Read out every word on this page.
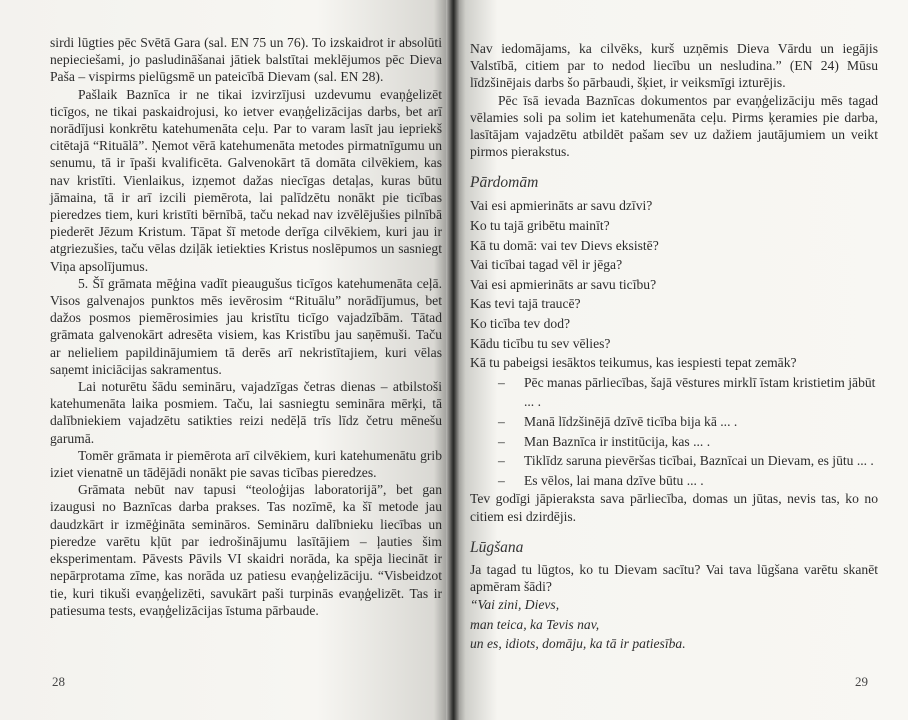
sirdi lūgties pēc Svētā Gara (sal. EN 75 un 76). To izskaidrot ir absolūti nepieciešami, jo pasludināšanai jātiek balstītai meklējumos pēc Dieva Paša – vispirms pielūgsmē un pateicībā Dievam (sal. EN 28).

Pašlaik Baznīca ir ne tikai izvirzījusi uzdevumu evaņģelizēt ticīgos, ne tikai paskaidrojusi, ko ietver evaņģelizācijas darbs, bet arī norādījusi konkrētu katehumenāta ceļu. Par to varam lasīt jau iepriekš citētajā “Rituālā”. Ņemot vērā katehumenāta metodes pirmatnīgumu un senumu, tā ir īpaši kvalificēta. Galvenokārt tā domāta cilvēkiem, kas nav kristīti. Vienlaikus, izņemot dažas niecīgas detaļas, kuras būtu jāmaina, tā ir arī izcili piemērota, lai palīdzētu nonākt pie ticības pieredzes tiem, kuri kristīti bērnībā, taču nekad nav izvēlējušies pilnībā piederēt Jēzum Kristum. Tāpat šī metode derīga cilvēkiem, kuri jau ir atgriezušies, taču vēlas dziļāk ietiekties Kristus noslēpumos un sasniegt Viņa apsolījumus.

5. Šī grāmata mēģina vadīt pieaugušus ticīgos katehumenāta ceļā. Visos galvenajos punktos mēs ievērosim “Rituālu” norādījumus, bet dažos posmos piemērosimies jau kristītu ticīgo vajadzībām. Tātad grāmata galvenokārt adresēta visiem, kas Kristību jau saņēmuši. Taču ar nelieliem papildinājumiem tā derēs arī nekristītajiem, kuri vēlas saņemt iniciācijas sakramentus.

Lai noturētu šādu semināru, vajadzīgas četras dienas – atbilstoši katehumenāta laika posmiem. Taču, lai sasniegtu semināra mērķi, tā dalībniekiem vajadzētu satikties reizi nedēļā trīs līdz četru mēnešu garumā.

Tomēr grāmata ir piemērota arī cilvēkiem, kuri katehumenātu grib iziet vienatnē un tādējādi nonākt pie savas ticības pieredzes.

Grāmata nebūt nav tapusi “teoloģijas laboratorijā”, bet gan izaugusi no Baznīcas darba prakses. Tas nozīmē, ka šī metode jau daudzkārt ir izmēģināta semināros. Semināru dalībnieku liecības un pieredze varētu kļūt par iedrošinājumu lasītājiem – ļauties šim eksperimentam. Pāvests Pāvils VI skaidri norāda, ka spēja liecināt ir nepārprotama zīme, kas norāda uz patiesu evaņģelizāciju. “Visbeidzot tie, kuri tikuši evaņģelizēti, savukārt paši turpinās evaņģelizēt. Tas ir patiesuma tests, evaņģelizācijas īstuma pārbaude.

28

Nav iedomājams, ka cilvēks, kurš uzņēmis Dieva Vārdu un iegājis Valstībā, citiem par to nedod liecību un nesludina.” (EN 24) Mūsu līdzšinējais darbs šo pārbaudi, šķiet, ir veiksmīgi izturējis.

Pēc īsā ievada Baznīcas dokumentos par evaņģelizāciju mēs tagad vēlamies soli pa solim iet katehumenāta ceļu. Pirms ķeramies pie darba, lasītājam vajadzētu atbildēt pašam sev uz dažiem jautājumiem un veikt pirmos pierakstus.

Pārdomām

Vai esi apmierināts ar savu dzīvi?

Ko tu tajā gribētu mainīt?

Kā tu domā: vai tev Dievs eksistē?

Vai ticībai tagad vēl ir jēga?

Vai esi apmierināts ar savu ticību?

Kas tevi tajā traucē?

Ko ticība tev dod?

Kādu ticību tu sev vēlies?

Kā tu pabeigsi iesāktos teikumus, kas iespiesti tepat zemāk?

– Pēc manas pārliecības, šajā vēstures mirklī īstam kristietim jābūt ... .
– Manā līdzšinējā dzīvē ticība bija kā ... .
– Man Baznīca ir institūcija, kas ... .
– Tiklīdz saruna pievēršas ticībai, Baznīcai un Dievam, es jūtu ... .
– Es vēlos, lai mana dzīve būtu ... .

Tev godīgi jāpieraksta sava pārliecība, domas un jūtas, nevis tas, ko no citiem esi dzirdējis.

Lūgšana

Ja tagad tu lūgtos, ko tu Dievam sacītu? Vai tava lūgšana varētu skanēt apmēram šādi?

“Vai zini, Dievs,

man teica, ka Tevis nav,

un es, idiots, domāju, ka tā ir patiesība.

29
